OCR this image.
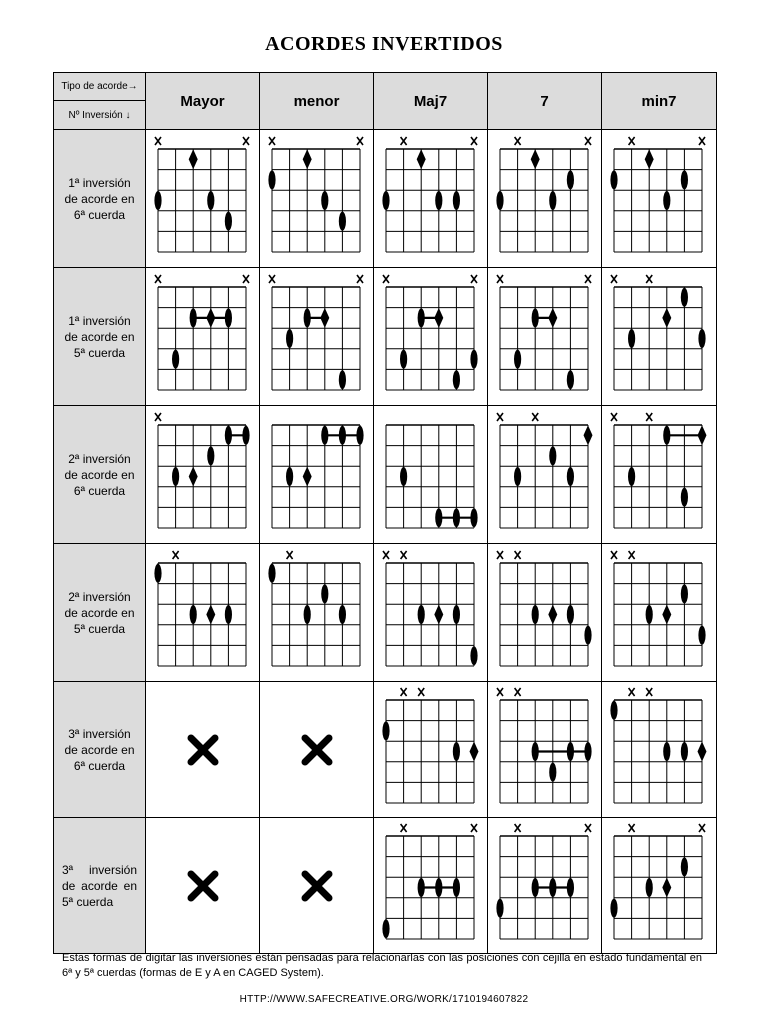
ACORDES INVERTIDOS
Tipo de acorde→
Nº Inversión ↓	Mayor	menor	Maj7	7	min7
1ª inversión de acorde en 6ª cuerda	

1ª inversión de acorde en 5ª cuerda	

2ª inversión de acorde en 6ª cuerda	

2ª inversión de acorde en 5ª cuerda	

3ª inversión de acorde en 6ª cuerda	

3ª inversión de acorde en 5ª cuerda	

Estas formas de digitar las inversiones están pensadas para relacionarlas con las posiciones con cejilla en estado fundamental en 6ª y 5ª cuerdas (formas de E y A en CAGED System).
HTTP://WWW.SAFECREATIVE.ORG/WORK/1710194607822
